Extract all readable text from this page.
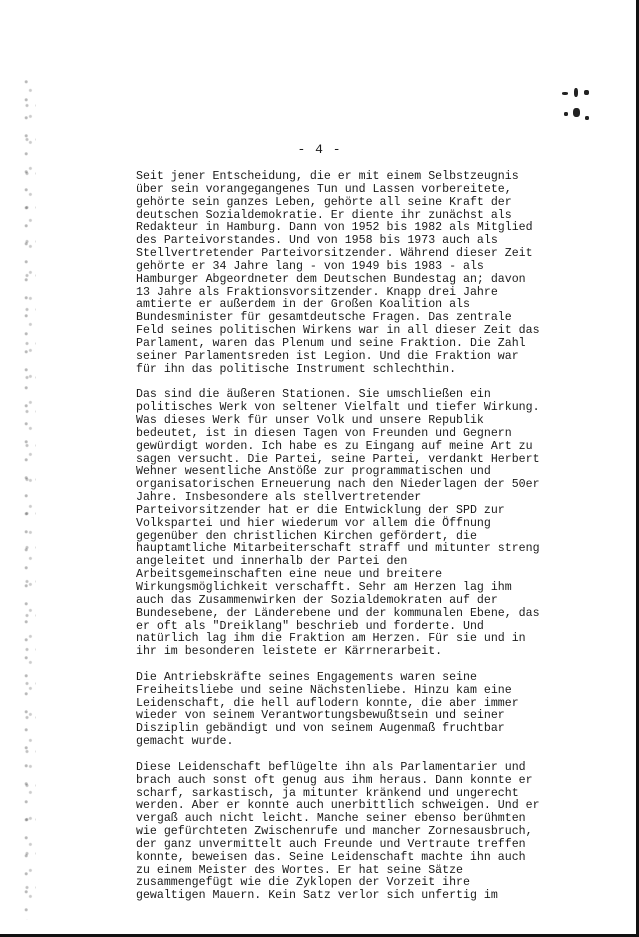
- 4 -
Seit jener Entscheidung, die er mit einem Selbstzeugnis
über sein vorangegangenes Tun und Lassen vorbereitete,
gehörte sein ganzes Leben, gehörte all seine Kraft der
deutschen Sozialdemokratie. Er diente ihr zunächst als
Redakteur in Hamburg. Dann von 1952 bis 1982 als Mitglied
des Parteivorstandes. Und von 1958 bis 1973 auch als
Stellvertretender Parteivorsitzender. Während dieser Zeit
gehörte er 34 Jahre lang - von 1949 bis 1983 - als
Hamburger Abgeordneter dem Deutschen Bundestag an; davon
13 Jahre als Fraktionsvorsitzender. Knapp drei Jahre
amtierte er außerdem in der Großen Koalition als
Bundesminister für gesamtdeutsche Fragen. Das zentrale
Feld seines politischen Wirkens war in all dieser Zeit das
Parlament, waren das Plenum und seine Fraktion. Die Zahl
seiner Parlamentsreden ist Legion. Und die Fraktion war
für ihn das politische Instrument schlechthin.
Das sind die äußeren Stationen. Sie umschließen ein
politisches Werk von seltener Vielfalt und tiefer Wirkung.
Was dieses Werk für unser Volk und unsere Republik
bedeutet, ist in diesen Tagen von Freunden und Gegnern
gewürdigt worden. Ich habe es zu Eingang auf meine Art zu
sagen versucht. Die Partei, seine Partei, verdankt Herbert
Wehner wesentliche Anstöße zur programmatischen und
organisatorischen Erneuerung nach den Niederlagen der 50er
Jahre. Insbesondere als stellvertretender
Parteivorsitzender hat er die Entwicklung der SPD zur
Volkspartei und hier wiederum vor allem die Öffnung
gegenüber den christlichen Kirchen gefördert, die
hauptamtliche Mitarbeiterschaft straff und mitunter streng
angeleitet und innerhalb der Partei den
Arbeitsgemeinschaften eine neue und breitere
Wirkungsmöglichkeit verschafft. Sehr am Herzen lag ihm
auch das Zusammenwirken der Sozialdemokraten auf der
Bundesebene, der Länderebene und der kommunalen Ebene, das
er oft als "Dreiklang" beschrieb und forderte. Und
natürlich lag ihm die Fraktion am Herzen. Für sie und in
ihr im besonderen leistete er Kärrnerarbeit.
Die Antriebskräfte seines Engagements waren seine
Freiheitsliebe und seine Nächstenliebe. Hinzu kam eine
Leidenschaft, die hell auflodern konnte, die aber immer
wieder von seinem Verantwortungsbewußtsein und seiner
Disziplin gebändigt und von seinem Augenmaß fruchtbar
gemacht wurde.
Diese Leidenschaft beflügelte ihn als Parlamentarier und
brach auch sonst oft genug aus ihm heraus. Dann konnte er
scharf, sarkastisch, ja mitunter kränkend und ungerecht
werden. Aber er konnte auch unerbittlich schweigen. Und er
vergaß auch nicht leicht. Manche seiner ebenso berühmten
wie gefürchteten Zwischenrufe und mancher Zornesausbruch,
der ganz unvermittelt auch Freunde und Vertraute treffen
konnte, beweisen das. Seine Leidenschaft machte ihn auch
zu einem Meister des Wortes. Er hat seine Sätze
zusammengefügt wie die Zyklopen der Vorzeit ihre
gewaltigen Mauern. Kein Satz verlor sich unfertig im
